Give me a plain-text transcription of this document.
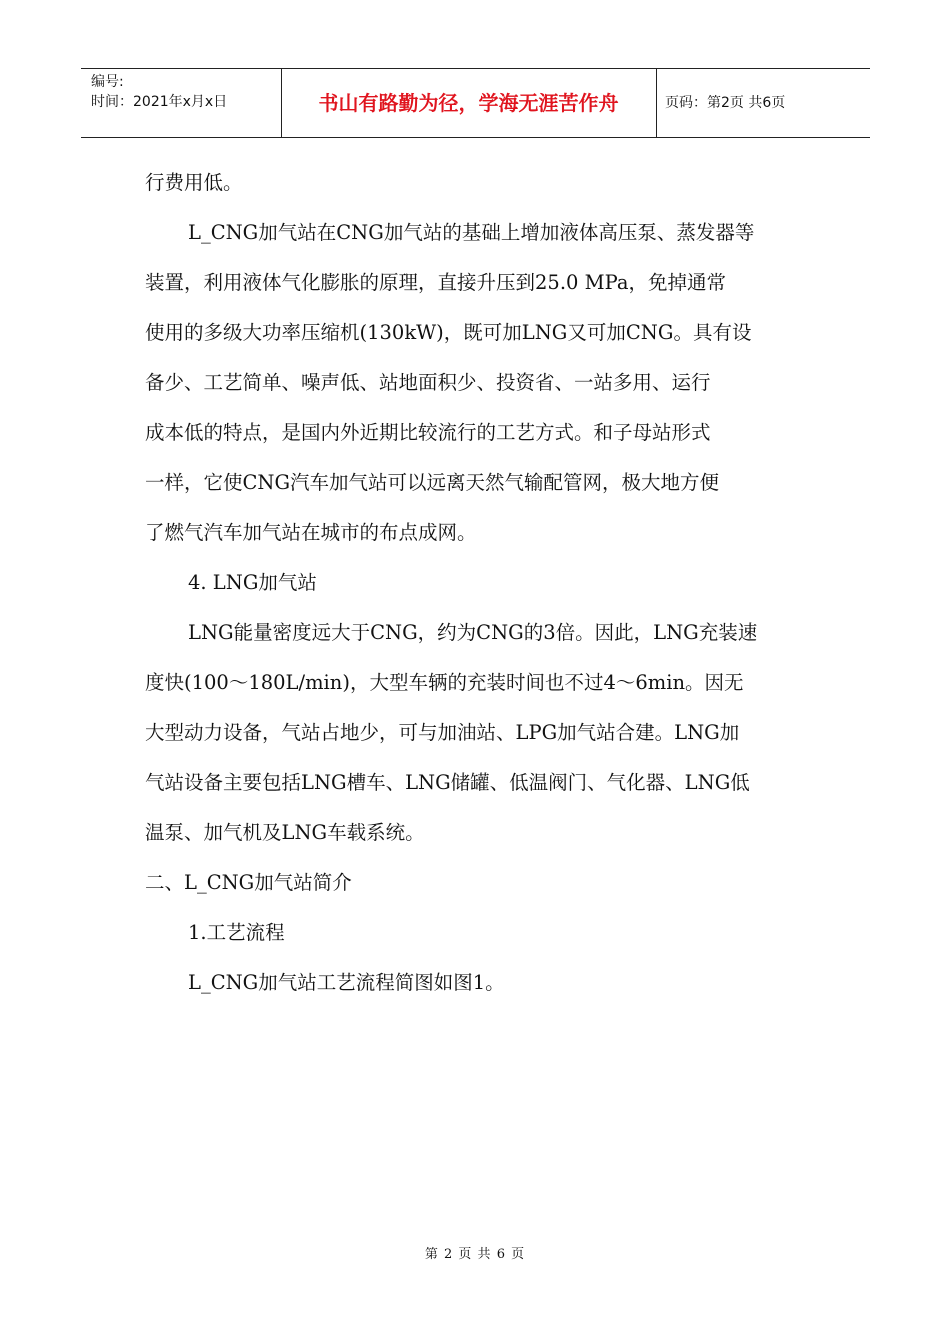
编号:
时间：2021年x月x日	书山有路勤为径，学海无涯苦作舟	页码：第2页 共6页
行费用低。
L_CNG加气站在CNG加气站的基础上增加液体高压泵、蒸发器等
装置，利用液体气化膨胀的原理，直接升压到25.0 MPa，免掉通常
使用的多级大功率压缩机(130kW)，既可加LNG又可加CNG。具有设
备少、工艺简单、噪声低、站地面积少、投资省、一站多用、运行
成本低的特点，是国内外近期比较流行的工艺方式。和子母站形式
一样，它使CNG汽车加气站可以远离天然气输配管网，极大地方便
了燃气汽车加气站在城市的布点成网。
4. LNG加气站
LNG能量密度远大于CNG，约为CNG的3倍。因此，LNG充装速
度快(100～180L/min)，大型车辆的充装时间也不过4～6min。因无
大型动力设备，气站占地少，可与加油站、LPG加气站合建。LNG加
气站设备主要包括LNG槽车、LNG储罐、低温阀门、气化器、LNG低
温泵、加气机及LNG车载系统。
二、L_CNG加气站简介
1.工艺流程
L_CNG加气站工艺流程简图如图1。
第 2 页 共 6 页
